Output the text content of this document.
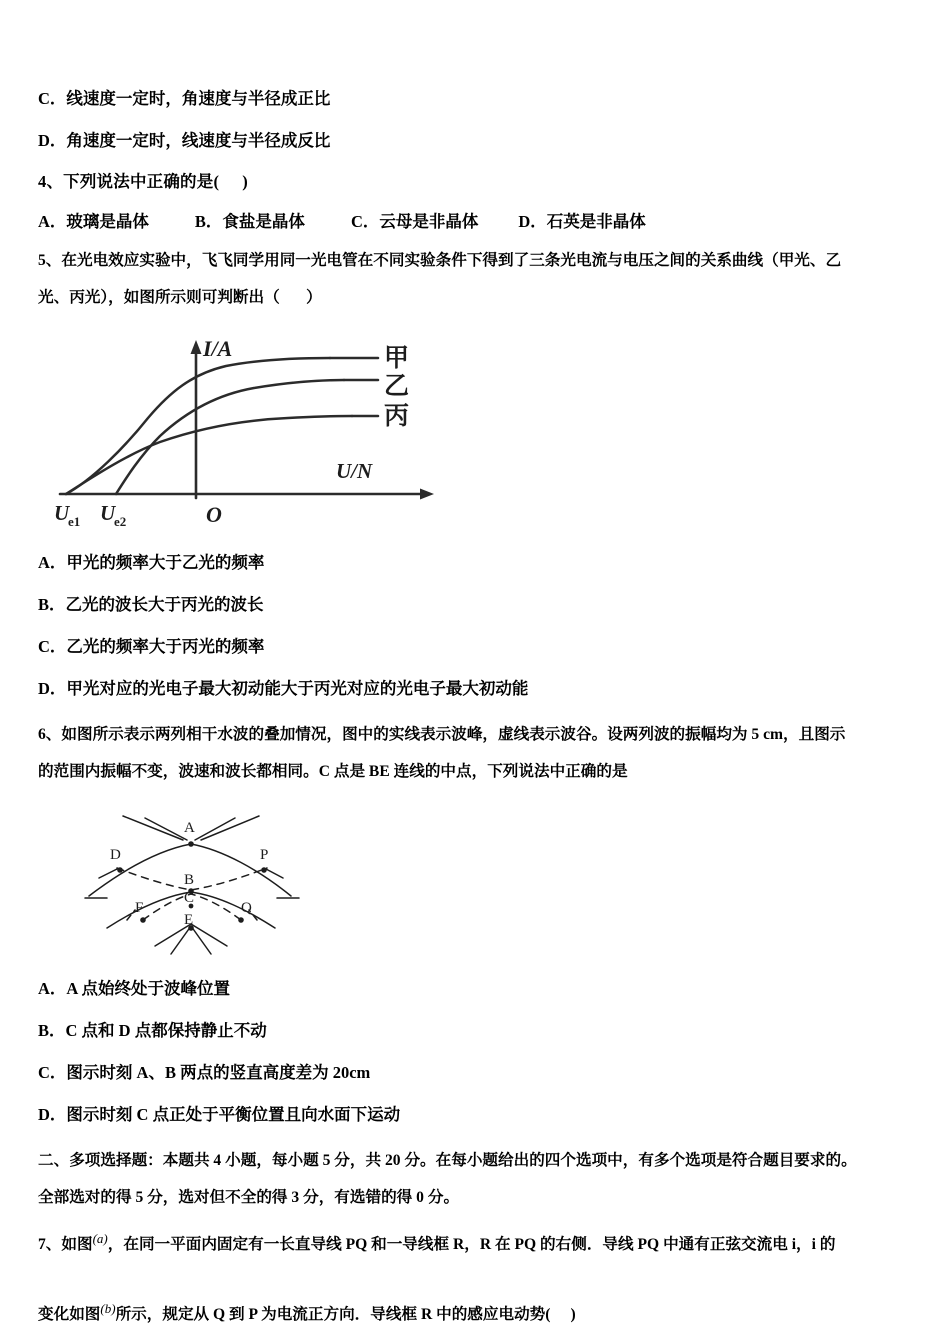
C．线速度一定时，角速度与半径成正比
D．角速度一定时，线速度与半径成反比
4、下列说法中正确的是( )
A．玻璃是晶体	B．食盐是晶体	C．云母是非晶体 D．石英是非晶体
5、在光电效应实验中，飞飞同学用同一光电管在不同实验条件下得到了三条光电流与电压之间的关系曲线（甲光、乙
光、丙光），如图所示则可判断出（ ）
甲
乙
丙
I/A
U/N
O
U
e1 U
e2
A．甲光的频率大于乙光的频率
B．乙光的波长大于丙光的波长
C．乙光的频率大于丙光的频率
D．甲光对应的光电子最大初动能大于丙光对应的光电子最大初动能
6、如图所示表示两列相干水波的叠加情况，图中的实线表示波峰，虚线表示波谷。设两列波的振幅均为 5 cm，且图示
的范围内振幅不变，波速和波长都相同。C 点是 BE 连线的中点，下列说法中正确的是
A
D	P
B
F
C
Q
E
A．A 点始终处于波峰位置
B．C 点和 D 点都保持静止不动
C．图示时刻 A、B 两点的竖直高度差为 20cm
D．图示时刻 C 点正处于平衡位置且向水面下运动
二、多项选择题：本题共 4 小题，每小题 5 分，共 20 分。在每小题给出的四个选项中，有多个选项是符合题目要求的。
全部选对的得 5 分，选对但不全的得 3 分，有选错的得 0 分。
7、如图$^{(a)}$，在同一平面内固定有一长直导线 PQ 和一导线框 R，R 在 PQ 的右侧．导线 PQ 中通有正弦交流电 i，i 的
变化如图$^{(b)}$所示，规定从 Q 到 P 为电流正方向．导线框 R 中的感应电动势( )
